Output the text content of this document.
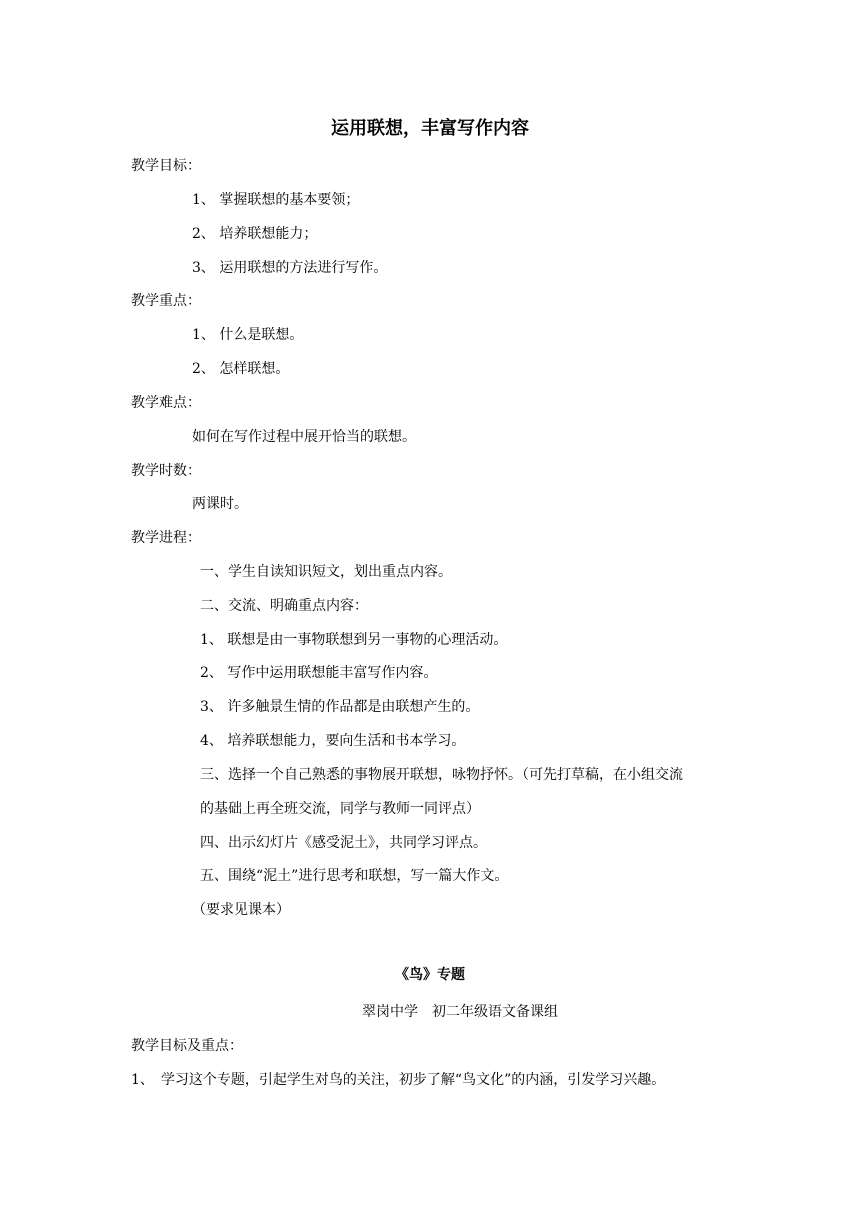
运用联想，丰富写作内容
教学目标：
1、 掌握联想的基本要领；
2、 培养联想能力；
3、 运用联想的方法进行写作。
教学重点：
1、 什么是联想。
2、 怎样联想。
教学难点：
如何在写作过程中展开恰当的联想。
教学时数：
两课时。
教学进程：
一、学生自读知识短文，划出重点内容。
二、交流、明确重点内容：
1、 联想是由一事物联想到另一事物的心理活动。
2、 写作中运用联想能丰富写作内容。
3、 许多触景生情的作品都是由联想产生的。
4、 培养联想能力，要向生活和书本学习。
三、选择一个自己熟悉的事物展开联想，咏物抒怀。（可先打草稿，在小组交流
的基础上再全班交流，同学与教师一同评点）
四、出示幻灯片《感受泥土》，共同学习评点。
五、围绕“泥土”进行思考和联想，写一篇大作文。
（要求见课本）
《鸟》专题
翠岗中学　初二年级语文备课组
教学目标及重点：
1、　学习这个专题，引起学生对鸟的关注，初步了解“鸟文化”的内涵，引发学习兴趣。
